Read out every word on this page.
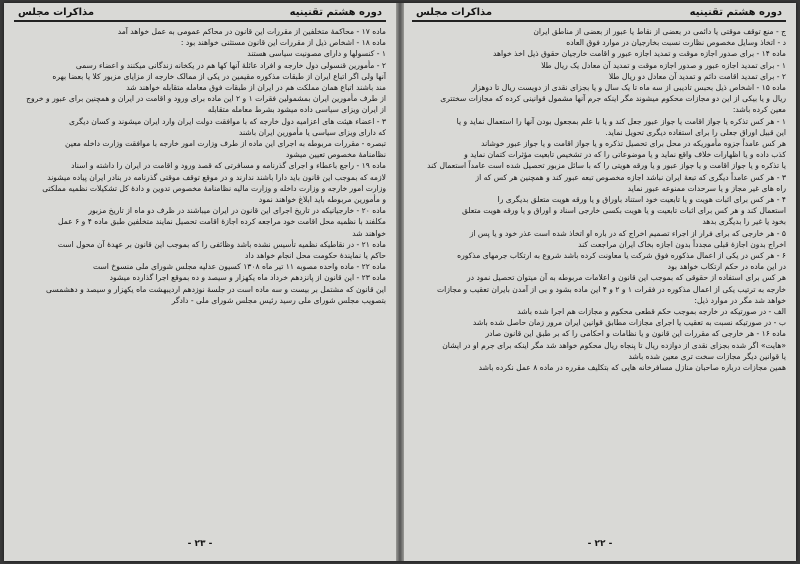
دوره هشتم تقنینیه
مذاکرات مجلس

ماده ۱۷ - محاکمهٔ متخلفین از مقررات این قانون در محاکم عمومی به عمل خواهد آمد

ماده ۱۸ - اشخاص ذیل از مقررات این قانون مستثنی خواهند بود :

۱ - کنسولها و دارای مصونیت سیاسی هستند

۲ - مأمورین قنسولی دول خارجه و افراد عائلهٔ آنها کها هم در یکخانه زندگانی میکنند و اعضاء رسمی

آنها ولی اگر اتباع ایران از طبقات مذکوره مقیمین در یکی از ممالک خارجه از مزایای مزبور کلا یا بعضا بهره

مند باشند اتباع همان مملکت هم در ایران از طبقات فوق معامله متقابله خواهند شد

از طرف مأمورین ایران بمشمولین فقرات ۱ و ۲ این ماده برای ورود و اقامت در ایران و همچنین برای عبور و خروج

از ایران ویزای سیاسی داده میشود بشرط معامله متقابله

۳ - اعضاء هیئت های اعزامیه دول خارجه که با موافقت دولت ایران وارد ایران میشوند و کسان دیگری

که دارای ویزای سیاسی یا مأمورین ایران باشند

تبصره - مقررات مربوطه به اجرای این ماده از طرف وزارت امور خارجه با موافقت وزارت داخله معین

نظامنامهٔ مخصوص تعیین میشود

ماده ۱۹ - راجع باعطاء و اجرای گذرنامه و مسافرتی که قصد ورود و اقامت در ایران را داشته و اسناد

لازمه که بموجب این قانون باید دارا باشند ندارند و در موقع توقف موقتی گذرنامه در بنادر ایران پیاده میشوند

وزارت امور خارجه و وزارت داخله و وزارت مالیه نظامنامهٔ مخصوص تدوین و دادهٔ کل تشکیلات نظمیه مملکتی

و مأمورین مربوطه باید ابلاغ خواهند نمود

ماده ۲۰ - خارجیانیکه در تاریخ اجرای این قانون در ایران میباشند در ظرف دو ماه از تاریخ مزبور

مکلفند با نظمیه محل اقامت خود مراجعه کرده اجازهٔ اقامت تحصیل نمایند متخلفین طبق ماده ۴ و ۶ عمل

خواهند شد

ماده ۲۱ - در نقاطیکه نظمیه تأسیس نشده باشد وظائفی را که بموجب این قانون بر عهدهٔ آن محول است

حاکم یا نمایندهٔ حکومت محل انجام خواهد داد

ماده ۲۲ - ماده واحده مصوبه ۱۱ تیر ماه ۱۳۰۸ کسیون عدلیه مجلس شورای ملی منسوخ است

ماده ۲۳ - این قانون از پانزدهم خرداد ماه یکهزار و سیصد و ده بموقع اجرا گذارده میشود

این قانون که مشتمل بر بیست و سه ماده است در جلسهٔ نوزدهم اردیبهشت ماه یکهزار و سیصد و دهشمسی

بتصویب مجلس شورای ملی رسید رئیس مجلس شورای ملی - دادگر

- ۲۳ -
دوره هشتم تقنینیه
مذاکرات مجلس

ج - منع توقف موقتی یا دائمی در بعضی از نقاط یا عبور از بعضی از مناطق ایران

د - اتخاذ وسایل مخصوص نظارت نسبت بخارجیان در موارد فوق العاده

ماده ۱۴ - برای صدور اجازه موقت و تمدید اجازه عبور و اقامت خارجیان حقوق ذیل اخذ خواهد

۱ - برای تمدید اجازه عبور و صدور اجازه موقت و تمدید آن معادل یک ریال طلا

۲ - برای تمدید اقامت دائم و تمدید آن معادل دو ریال طلا

ماده ۱۵ - اشخاص ذیل بحبس تادیبی از سه ماه تا یک سال و یا بجزای نقدی از دویست ریال تا دوهزار

ریال و یا بیکی از این دو مجازات محکوم میشوند مگر اینکه جرم آنها مشمول قوانینی کرده که مجازات سختتری

معین کرده باشد:

۱ - هر کس تذکره یا جواز اقامت یا جواز عبور جعل کند و یا با علم بمجعول بودن آنها را استعمال نماید و یا

این قبیل اوراق جعلی را برای استفاده دیگری تحویل نماید.

هر کس عامداً جزوه مأموریکه در محل برای تحصیل تذکره و یا جواز اقامت و یا جواز عبور خوشاند

کذب داده و یا اظهارات خلاف واقع نماید و یا موضوعاتی را که در تشخیص تابعیت مؤثرات کتمان نماید و

یا تذکره و یا جواز اقامت و یا جواز عبور و یا ورقه هویتی را که با سائل مزبور تحصیل شده است عامداً استعمال کند

۳ - هر کس عامداً دیگری که تبعهٔ ایران نباشد اجازه مخصوص تبعه عبور کند و همچنین هر کس که از

راه های غیر مجاز و یا سرحدات ممنوعه عبور نماید

۴ - هر کس برای اثبات هویت و یا تابعیت خود استناد باوراق و یا ورقه هویت متعلق بدیگری را

استعمال کند و هر کس برای اثبات تابعیت و یا هویت بکسی خارجی اسناد و اوراق و یا ورقه هویت متعلق

بخود یا غیر را بدیگری بدهد

۵ - هر خارجی که برای فرار از اجراء تصمیم اخراج که در باره او اتخاذ شده است عذر خود و یا پس از

اخراج بدون اجازهٔ قبلی مجدداً بدون اجازه بخاک ایران مراجعت کند

۶ - هر کس در یکی از اعمال مذکوره فوق شرکت یا معاونت کرده باشد شروع به ارتکاب جرمهای مذکوره

در این ماده در حکم ارتکاب خواهد بود

هر کس برای استفاده از حقوقی که بموجب این قانون و اعلامات مربوطه به آن میتوان تحصیل نمود در

خارجه به ترتیب یکی از اعمال مذکوره در فقرات ۱ و ۲ و ۴ این ماده بشود و بی از آمدن بایران تعقیب و مجازات

خواهد شد مگر در موارد ذیل:

الف - در صورتیکه در خارجه بموجب حکم قطعی محکوم و مجازات هم اجرا شده باشد

ب - در صورتیکه نسبت به تعقیب یا اجرای مجازات مطابق قوانین ایران مرور زمان حاصل شده باشد

ماده ۱۶ - هر خارجی که مقررات این قانون و یا نظامات و احکامی را که بر طبق این قانون صادر

«هایت» اگر شده بجزای نقدی از دوازده ریال تا پنجاه ریال محکوم خواهد شد مگر اینکه برای جرم او در ایشان

یا قوانین دیگر مجازات سخت تری معین شده باشد

همین مجازات درباره صاحبان منازل مسافرخانه هایی که بتکلیف مقرره در ماده ۸ عمل نکرده باشد

- ۲۲ -
